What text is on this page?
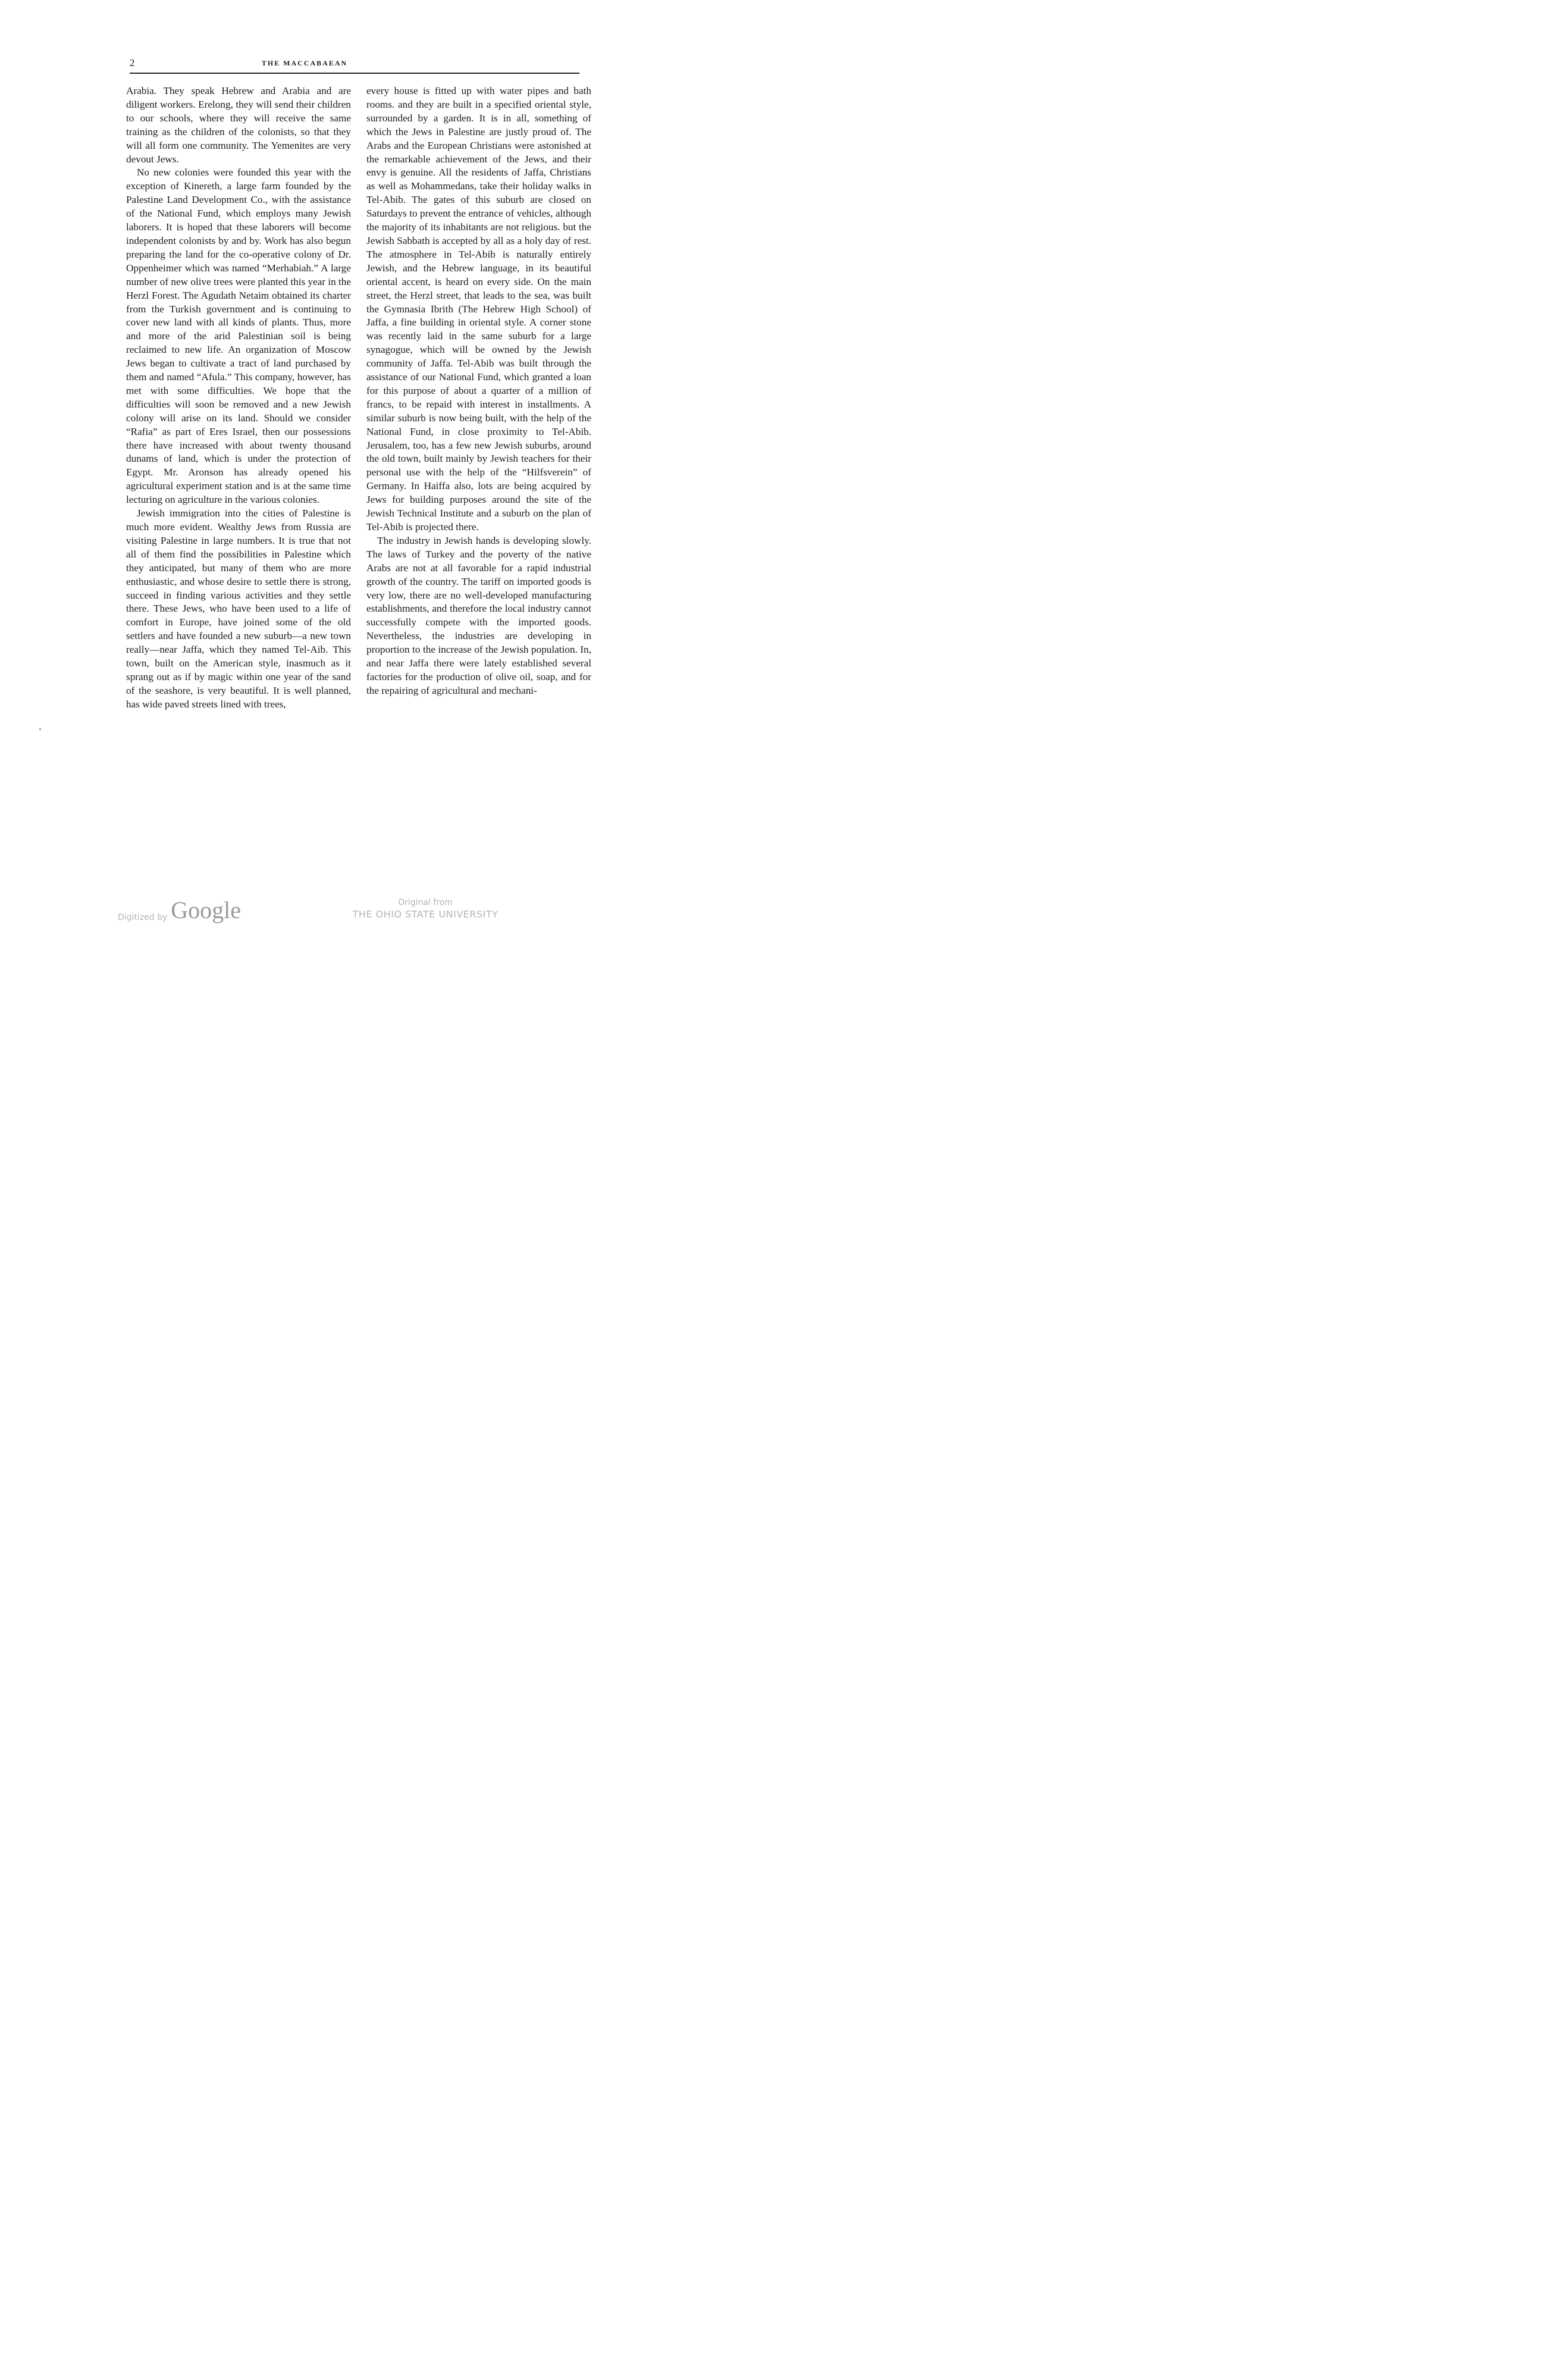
2	THE MACCABAEAN

Arabia. They speak Hebrew and Arabia and are diligent workers. Erelong, they will send their children to our schools, where they will receive the same training as the children of the colonists, so that they will all form one community. The Yemenites are very devout Jews.

No new colonies were founded this year with the exception of Kinereth, a large farm founded by the Palestine Land Development Co., with the assistance of the National Fund, which employs many Jewish laborers. It is hoped that these laborers will become independent colonists by and by. Work has also begun preparing the land for the co-operative colony of Dr. Oppenheimer which was named “Merhabiah.” A large number of new olive trees were planted this year in the Herzl Forest. The Agudath Netaim obtained its charter from the Turkish government and is continuing to cover new land with all kinds of plants. Thus, more and more of the arid Palestinian soil is being reclaimed to new life. An organization of Moscow Jews began to cultivate a tract of land purchased by them and named “Afula.” This company, however, has met with some difficulties. We hope that the difficulties will soon be removed and a new Jewish colony will arise on its land. Should we consider “Rafia” as part of Eres Israel, then our possessions there have increased with about twenty thousand dunams of land, which is under the protection of Egypt. Mr. Aronson has already opened his agricultural experiment station and is at the same time lecturing on agriculture in the various colonies.

Jewish immigration into the cities of Palestine is much more evident. Wealthy Jews from Russia are visiting Palestine in large numbers. It is true that not all of them find the possibilities in Palestine which they anticipated, but many of them who are more enthusiastic, and whose desire to settle there is strong, succeed in finding various activities and they settle there. These Jews, who have been used to a life of comfort in Europe, have joined some of the old settlers and have founded a new suburb—a new town really—near Jaffa, which they named Tel-Aib. This town, built on the American style, inasmuch as it sprang out as if by magic within one year of the sand of the seashore, is very beautiful. It is well planned, has wide paved streets lined with trees,

every house is fitted up with water pipes and bath rooms. and they are built in a specified oriental style, surrounded by a garden. It is in all, something of which the Jews in Palestine are justly proud of. The Arabs and the European Christians were astonished at the remarkable achievement of the Jews, and their envy is genuine. All the residents of Jaffa, Christians as well as Mohammedans, take their holiday walks in Tel-Abib. The gates of this suburb are closed on Saturdays to prevent the entrance of vehicles, although the majority of its inhabitants are not religious. but the Jewish Sabbath is accepted by all as a holy day of rest. The atmosphere in Tel-Abib is naturally entirely Jewish, and the Hebrew language, in its beautiful oriental accent, is heard on every side. On the main street, the Herzl street, that leads to the sea, was built the Gymnasia Ibrith (The Hebrew High School) of Jaffa, a fine building in oriental style. A corner stone was recently laid in the same suburb for a large synagogue, which will be owned by the Jewish community of Jaffa. Tel-Abib was built through the assistance of our National Fund, which granted a loan for this purpose of about a quarter of a million of francs, to be repaid with interest in installments. A similar suburb is now being built, with the help of the National Fund, in close proximity to Tel-Abib. Jerusalem, too, has a few new Jewish suburbs, around the old town, built mainly by Jewish teachers for their personal use with the help of the “Hilfsverein” of Germany. In Haiffa also, lots are being acquired by Jews for building purposes around the site of the Jewish Technical Institute and a suburb on the plan of Tel-Abib is projected there.

The industry in Jewish hands is developing slowly. The laws of Turkey and the poverty of the native Arabs are not at all favorable for a rapid industrial growth of the country. The tariff on imported goods is very low, there are no well-developed manufacturing establishments, and therefore the local industry cannot successfully compete with the imported goods. Nevertheless, the industries are developing in proportion to the increase of the Jewish population. In, and near Jaffa there were lately established several factories for the production of olive oil, soap, and for the repairing of agricultural and mechani-

Digitized by Google	Original from
THE OHIO STATE UNIVERSITY
